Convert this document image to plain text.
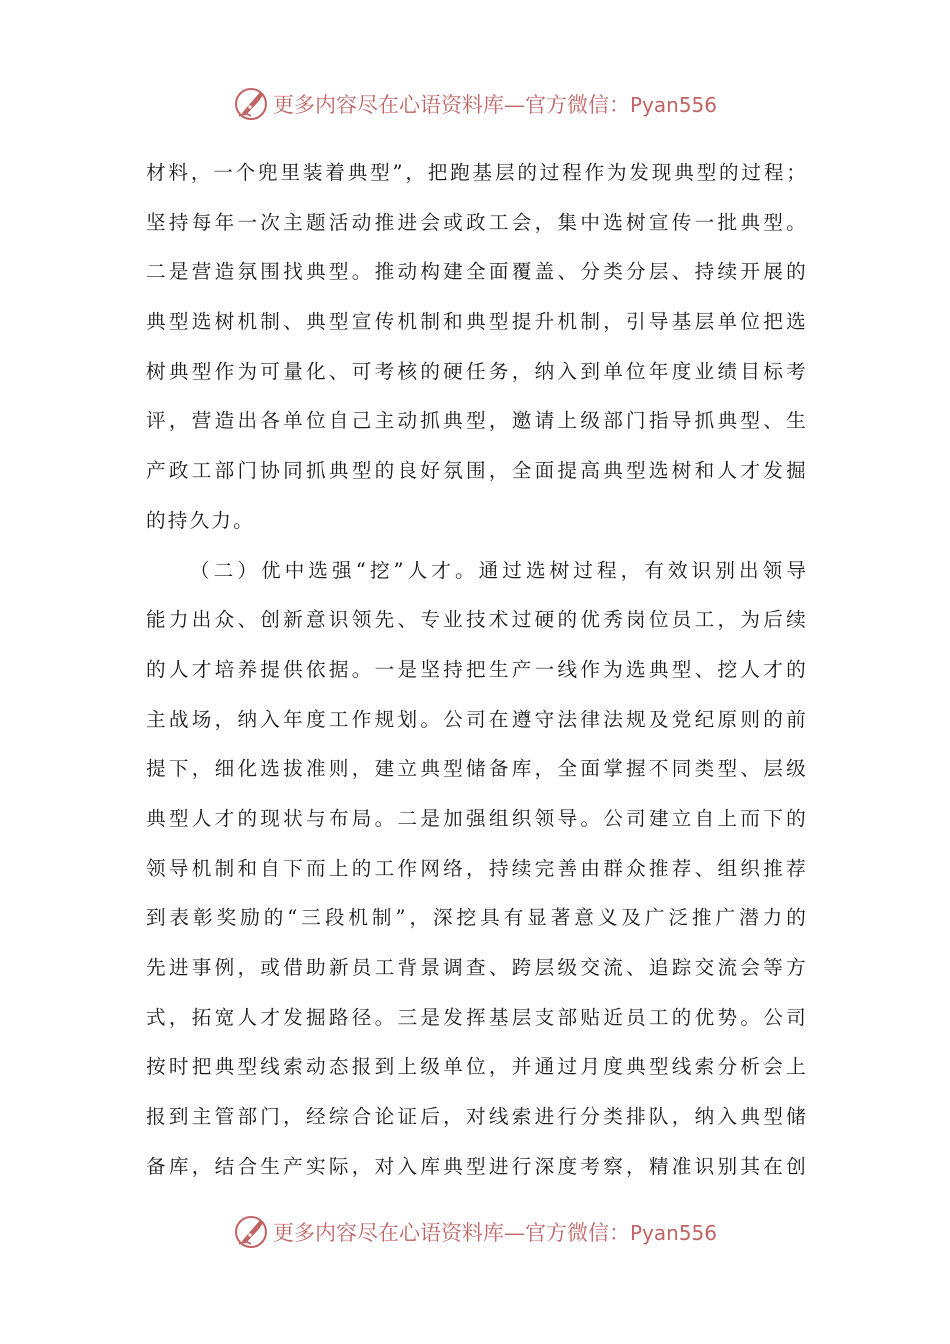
更多内容尽在心语资料库—官方微信：Pyan556
材 料 ， 一 个 兜 里 装 着 典 型 ” ， 把 跑 基 层 的 过 程 作 为 发 现 典 型 的 过 程 ；
坚 持 每 年 一 次 主 题 活 动 推 进 会 或 政 工 会 ， 集 中 选 树 宣 传 一 批 典 型 。
二 是 营 造 氛 围 找 典 型 。 推 动 构 建 全 面 覆 盖 、 分 类 分 层 、 持 续 开 展 的
典 型 选 树 机 制 、 典 型 宣 传 机 制 和 典 型 提 升 机 制 ， 引 导 基 层 单 位 把 选
树 典 型 作 为 可 量 化 、 可 考 核 的 硬 任 务 ， 纳 入 到 单 位 年 度 业 绩 目 标 考
评 ， 营 造 出 各 单 位 自 己 主 动 抓 典 型 ， 邀 请 上 级 部 门 指 导 抓 典 型 、 生
产 政 工 部 门 协 同 抓 典 型 的 良 好 氛 围 ， 全 面 提 高 典 型 选 树 和 人 才 发 掘
的持久力。
（ 二 ） 优 中 选 强 “ 挖 ” 人 才 。 通 过 选 树 过 程 ， 有 效 识 别 出 领 导
能 力 出 众 、 创 新 意 识 领 先 、 专 业 技 术 过 硬 的 优 秀 岗 位 员 工 ， 为 后 续
的 人 才 培 养 提 供 依 据 。 一 是 坚 持 把 生 产 一 线 作 为 选 典 型 、 挖 人 才 的
主 战 场 ， 纳 入 年 度 工 作 规 划 。 公 司 在 遵 守 法 律 法 规 及 党 纪 原 则 的 前
提 下 ， 细 化 选 拔 准 则 ， 建 立 典 型 储 备 库 ， 全 面 掌 握 不 同 类 型 、 层 级
典 型 人 才 的 现 状 与 布 局 。 二 是 加 强 组 织 领 导 。 公 司 建 立 自 上 而 下 的
领 导 机 制 和 自 下 而 上 的 工 作 网 络 ， 持 续 完 善 由 群 众 推 荐 、 组 织 推 荐
到 表 彰 奖 励 的 “ 三 段 机 制 ” ， 深 挖 具 有 显 著 意 义 及 广 泛 推 广 潜 力 的
先 进 事 例 ， 或 借 助 新 员 工 背 景 调 查 、 跨 层 级 交 流 、 追 踪 交 流 会 等 方
式 ， 拓 宽 人 才 发 掘 路 径 。 三 是 发 挥 基 层 支 部 贴 近 员 工 的 优 势 。 公 司
按 时 把 典 型 线 索 动 态 报 到 上 级 单 位 ， 并 通 过 月 度 典 型 线 索 分 析 会 上
报 到 主 管 部 门 ， 经 综 合 论 证 后 ， 对 线 索 进 行 分 类 排 队 ， 纳 入 典 型 储
备 库 ， 结 合 生 产 实 际 ， 对 入 库 典 型 进 行 深 度 考 察 ， 精 准 识 别 其 在 创
更多内容尽在心语资料库—官方微信：Pyan556
